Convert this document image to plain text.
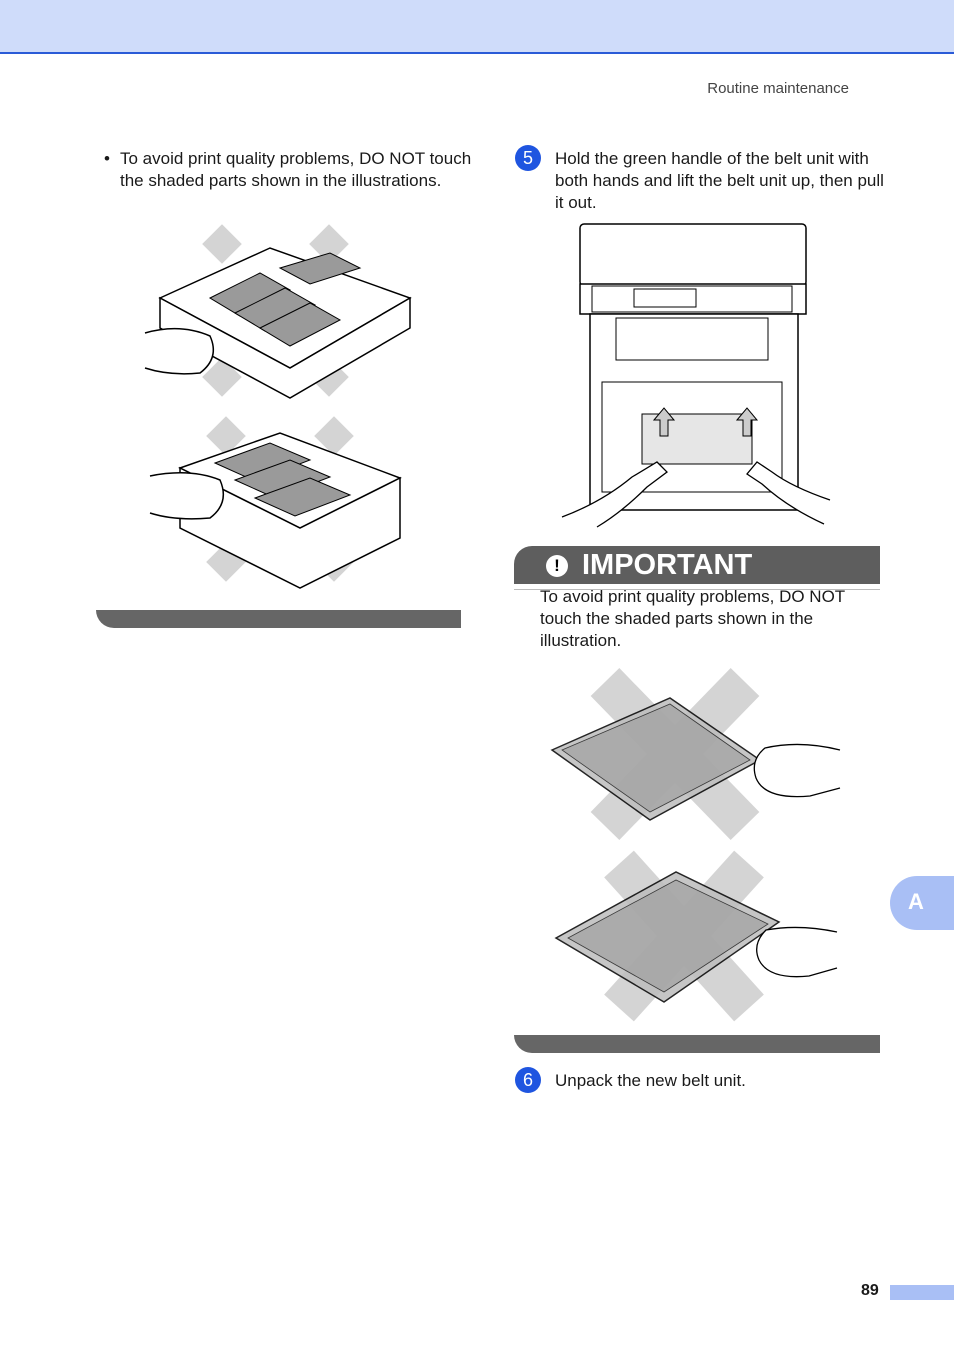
Routine maintenance
• To avoid print quality problems, DO NOT touch the shaded parts shown in the illustrations.
5	Hold the green handle of the belt unit with both hands and lift the belt unit up, then pull it out.
!
IMPORTANT
To avoid print quality problems, DO NOT touch the shaded parts shown in the illustration.
6	Unpack the new belt unit.
A
89
